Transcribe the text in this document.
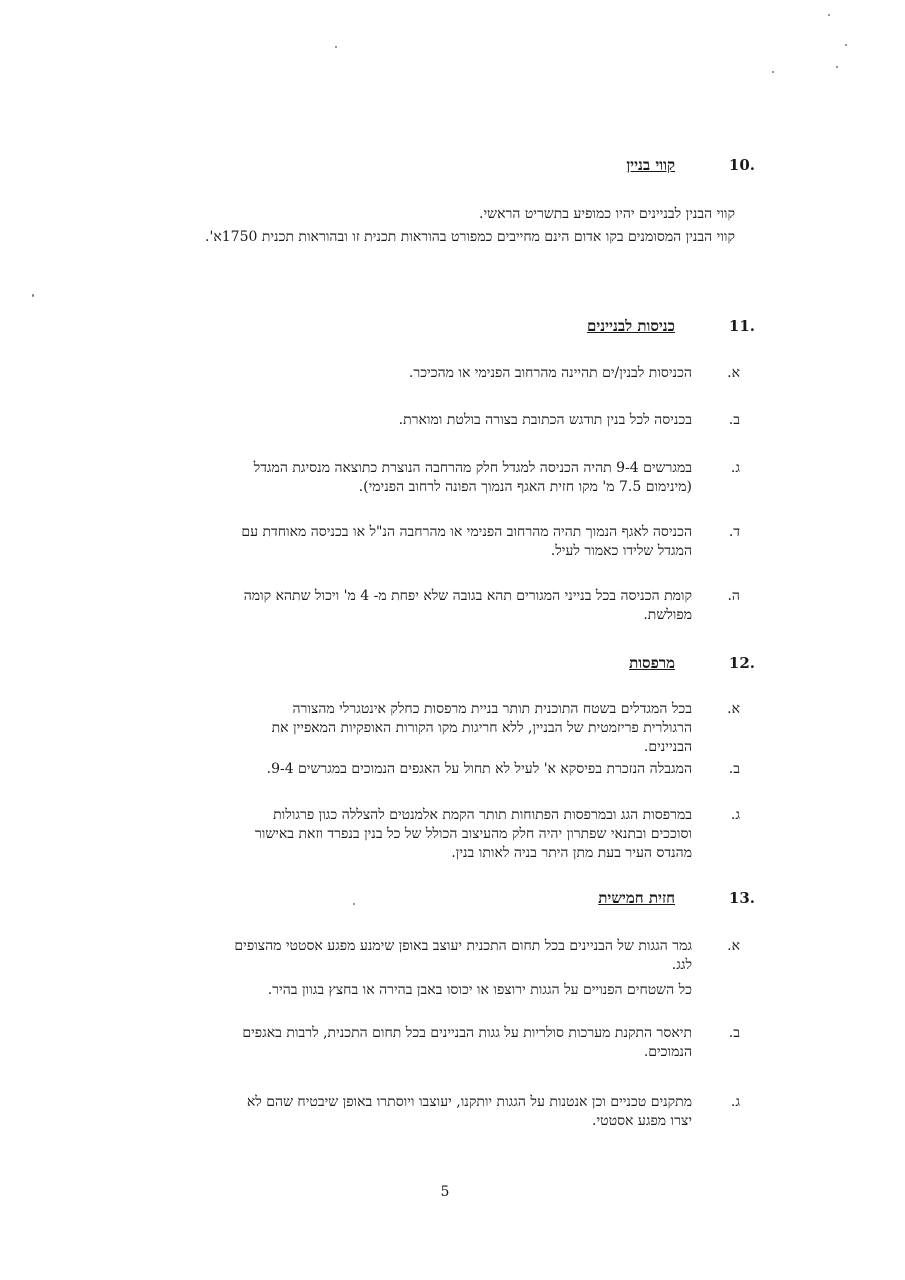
10.
קווי בניין
קווי הבנין לבניינים יהיו כמופיע בתשריט הראשי.
קווי הבנין המסומנים בקו אדום הינם מחייבים כמפורט בהוראות תכנית זו ובהוראות תכנית 1750א'.
11.
כניסות לבניינים
א.
הכניסות לבנין/ים תהיינה מהרחוב הפנימי או מהכיכר.
ב.
בכניסה לכל בנין תודגש הכתובת בצורה בולטת ומוארת.
ג.
במגרשים 9-4 תהיה הכניסה למגדל חלק מהרחבה הנוצרת כתוצאה מנסיגת המגדל
(מינימום 7.5 מ' מקו חזית האגף הנמוך הפונה לרחוב הפנימי).
ד.
הכניסה לאגף הנמוך תהיה מהרחוב הפנימי או מהרחבה הנ"ל או בכניסה מאוחדת עם
המגדל שלידו כאמור לעיל.
ה.
קומת הכניסה בכל בנייני המגורים תהא בגובה שלא יפחת מ- 4 מ' ויכול שתהא קומה
מפולשת.
12.
מרפסות
א.
בכל המגדלים בשטח התוכנית תותר בניית מרפסות כחלק אינטגרלי מהצורה
הרגולרית פריזמטית של הבניין, ללא חריגות מקו הקורות האופקיות המאפיין את
הבניינים.
ב.
המגבלה הנזכרת בפיסקא א' לעיל לא תחול על האגפים הנמוכים במגרשים 9-4.
ג.
במרפסות הגג ובמרפסות הפתוחות תותר הקמת אלמנטים להצללה כגון פרגולות
וסוככים ובתנאי שפתרון יהיה חלק מהעיצוב הכולל של כל בנין בנפרד וזאת באישור
מהנדס העיר בעת מתן היתר בניה לאותו בנין.
13.
חזית חמישית
א.
גמר הגגות של הבניינים בכל תחום התכנית יעוצב באופן שימנע מפגע אסטטי מהצופים
לגג.
כל השטחים הפנויים על הגגות ירוצפו או יכוסו באבן בהירה או בחצץ בגוון בהיר.
ב.
תיאסר התקנת מערכות סולריות על גגות הבניינים בכל תחום התכנית, לרבות באגפים
הנמוכים.
ג.
מתקנים טכניים וכן אנטנות על הגגות יותקנו, יעוצבו ויוסתרו באופן שיבטיח שהם לא
יצרו מפגע אסטטי.
5
